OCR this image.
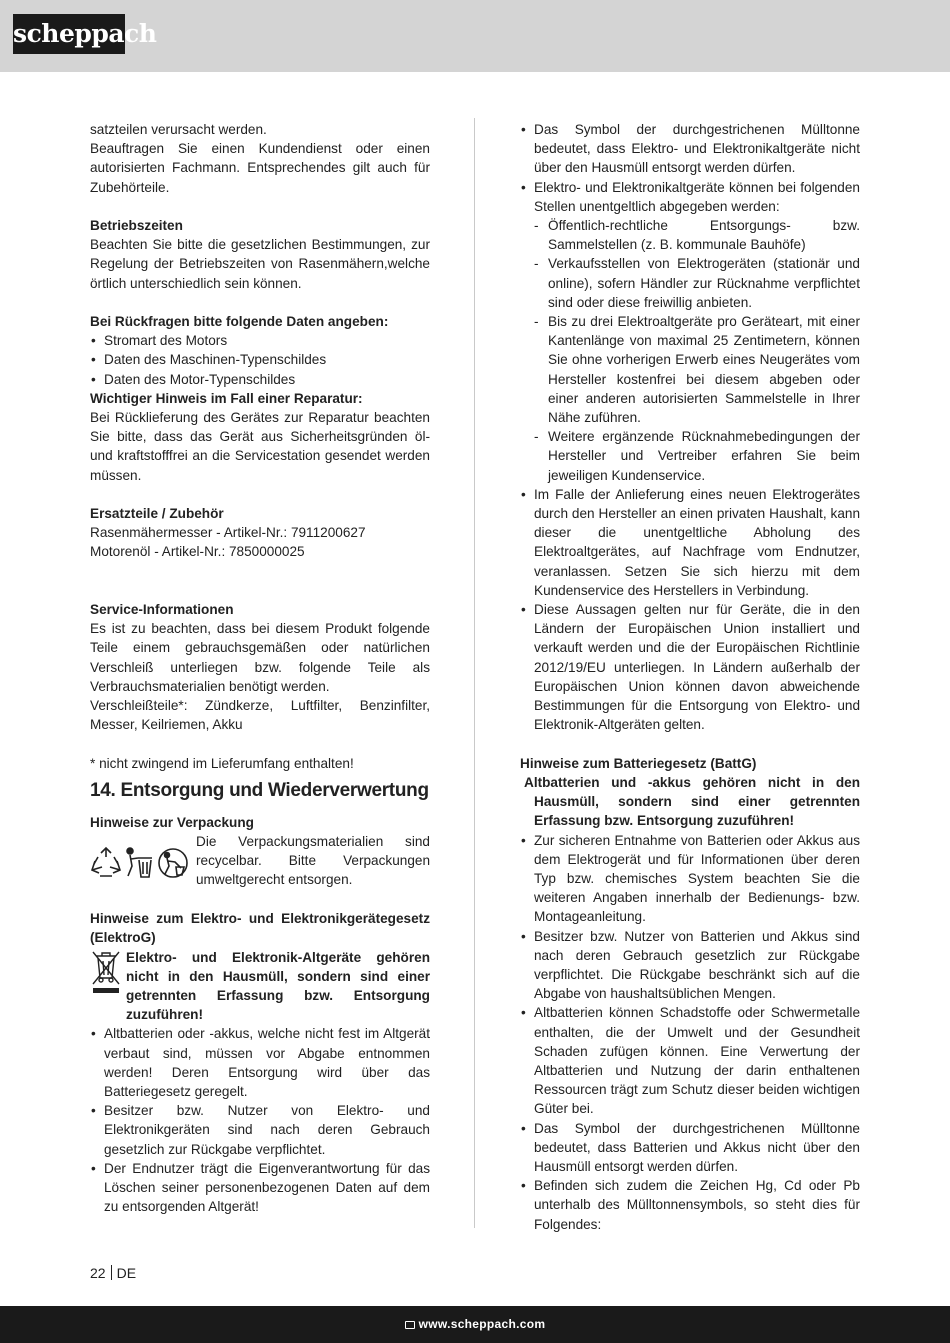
scheppach

satzteilen verursacht werden.
Beauftragen Sie einen Kundendienst oder einen autorisierten Fachmann. Entsprechendes gilt auch für Zubehörteile.

Betriebszeiten

Beachten Sie bitte die gesetzlichen Bestimmungen, zur Regelung der Betriebszeiten von Rasenmähern,welche örtlich unterschiedlich sein können.

Bei Rückfragen bitte folgende Daten angeben:
• Stromart des Motors
• Daten des Maschinen-Typenschildes
• Daten des Motor-Typenschildes
Wichtiger Hinweis im Fall einer Reparatur:

Bei Rücklieferung des Gerätes zur Reparatur beachten Sie bitte, dass das Gerät aus Sicherheitsgründen öl- und kraftstofffrei an die Servicestation gesendet werden müssen.

Ersatzteile / Zubehör
Rasenmähermesser - Artikel-Nr.: 7911200627
Motorenöl - Artikel-Nr.: 7850000025
Service-Informationen

Es ist zu beachten, dass bei diesem Produkt folgende Teile einem gebrauchsgemäßen oder natürlichen Verschleiß unterliegen bzw. folgende Teile als Verbrauchsmaterialien benötigt werden.

Verschleißteile*: Zündkerze, Luftfilter, Benzinfilter, Messer, Keilriemen, Akku

* nicht zwingend im Lieferumfang enthalten!

14. Entsorgung und Wiederverwertung
Hinweise zur Verpackung
Die Verpackungsmaterialien sind recycelbar. Bitte Verpackungen umweltgerecht entsorgen.
Hinweise zum Elektro- und Elektronikgerätegesetz (ElektroG)
Elektro- und Elektronik-Altgeräte gehören nicht in den Hausmüll, sondern sind einer getrennten Erfassung bzw. Entsorgung zuzuführen!
• Altbatterien oder -akkus, welche nicht fest im Altgerät verbaut sind, müssen vor Abgabe entnommen werden! Deren Entsorgung wird über das Batteriegesetz geregelt.
• Besitzer bzw. Nutzer von Elektro- und Elektronikgeräten sind nach deren Gebrauch gesetzlich zur Rückgabe verpflichtet.
• Der Endnutzer trägt die Eigenverantwortung für das Löschen seiner personenbezogenen Daten auf dem zu entsorgenden Altgerät!
• Das Symbol der durchgestrichenen Mülltonne bedeutet, dass Elektro- und Elektronikaltgeräte nicht über den Hausmüll entsorgt werden dürfen.
• Elektro- und Elektronikaltgeräte können bei folgenden Stellen unentgeltlich abgegeben werden:
- Öffentlich-rechtliche Entsorgungs- bzw. Sammelstellen (z. B. kommunale Bauhöfe)
- Verkaufsstellen von Elektrogeräten (stationär und online), sofern Händler zur Rücknahme verpflichtet sind oder diese freiwillig anbieten.
- Bis zu drei Elektroaltgeräte pro Geräteart, mit einer Kantenlänge von maximal 25 Zentimetern, können Sie ohne vorherigen Erwerb eines Neugerätes vom Hersteller kostenfrei bei diesem abgeben oder einer anderen autorisierten Sammelstelle in Ihrer Nähe zuführen.
- Weitere ergänzende Rücknahmebedingungen der Hersteller und Vertreiber erfahren Sie beim jeweiligen Kundenservice.
• Im Falle der Anlieferung eines neuen Elektrogerätes durch den Hersteller an einen privaten Haushalt, kann dieser die unentgeltliche Abholung des Elektroaltgerätes, auf Nachfrage vom Endnutzer, veranlassen. Setzen Sie sich hierzu mit dem Kundenservice des Herstellers in Verbindung.
• Diese Aussagen gelten nur für Geräte, die in den Ländern der Europäischen Union installiert und verkauft werden und die der Europäischen Richtlinie 2012/19/EU unterliegen. In Ländern außerhalb der Europäischen Union können davon abweichende Bestimmungen für die Entsorgung von Elektro- und Elektronik-Altgeräten gelten.
Hinweise zum Batteriegesetz (BattG)
Altbatterien und -akkus gehören nicht in den Hausmüll, sondern sind einer getrennten Erfassung bzw. Entsorgung zuzuführen!
• Zur sicheren Entnahme von Batterien oder Akkus aus dem Elektrogerät und für Informationen über deren Typ bzw. chemisches System beachten Sie die weiteren Angaben innerhalb der Bedienungs- bzw. Montageanleitung.
• Besitzer bzw. Nutzer von Batterien und Akkus sind nach deren Gebrauch gesetzlich zur Rückgabe verpflichtet. Die Rückgabe beschränkt sich auf die Abgabe von haushaltsüblichen Mengen.
• Altbatterien können Schadstoffe oder Schwermetalle enthalten, die der Umwelt und der Gesundheit Schaden zufügen können. Eine Verwertung der Altbatterien und Nutzung der darin enthaltenen Ressourcen trägt zum Schutz dieser beiden wichtigen Güter bei.
• Das Symbol der durchgestrichenen Mülltonne bedeutet, dass Batterien und Akkus nicht über den Hausmüll entsorgt werden dürfen.
• Befinden sich zudem die Zeichen Hg, Cd oder Pb unterhalb des Mülltonnensymbols, so steht dies für Folgendes:
22 DE
www.scheppach.com
